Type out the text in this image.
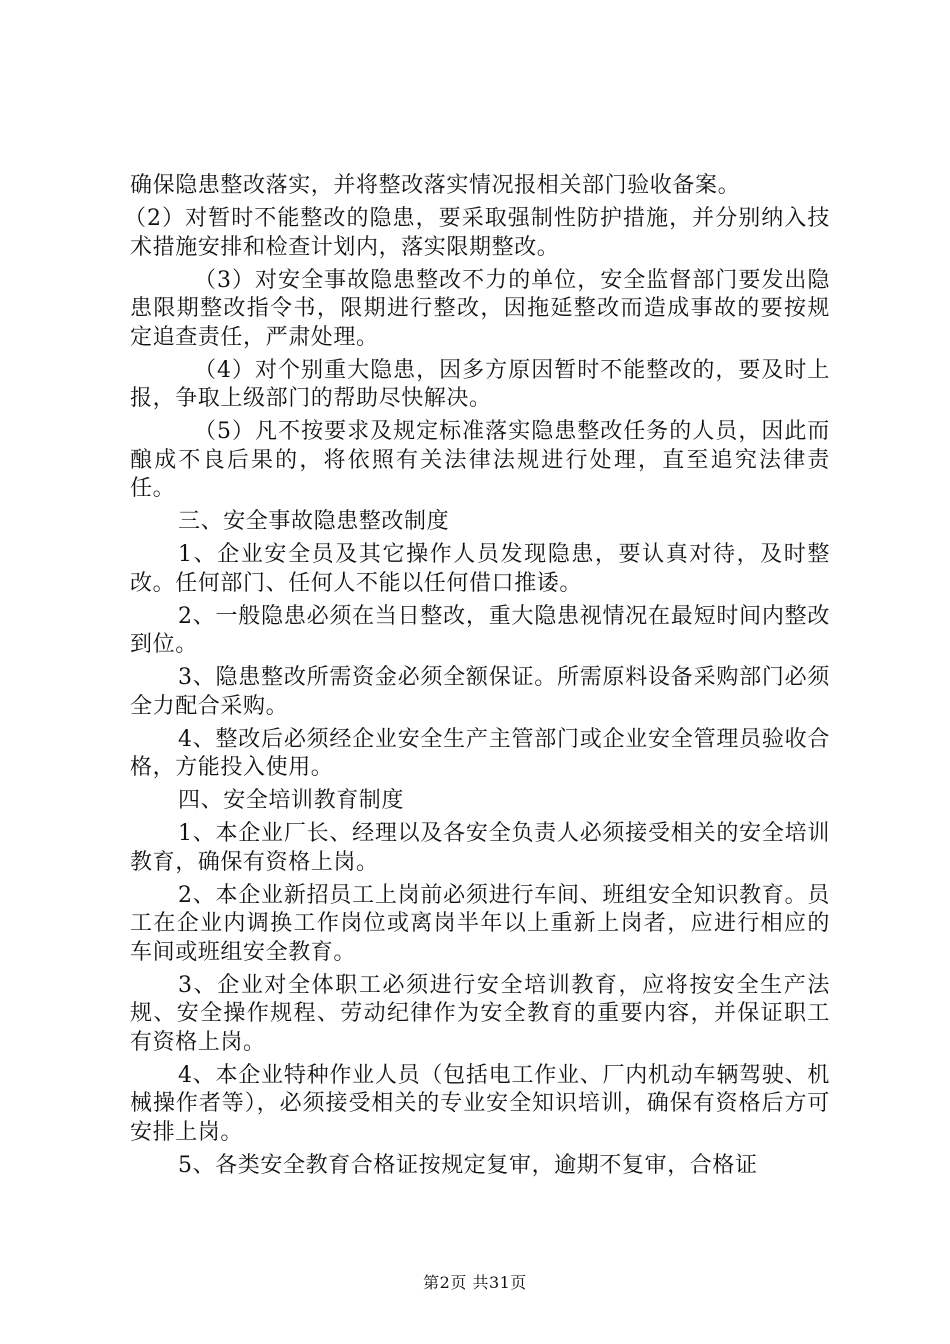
确保隐患整改落实，并将整改落实情况报相关部门验收备案。

（2）对暂时不能整改的隐患，要采取强制性防护措施，并分别纳入技术措施安排和检查计划内，落实限期整改。

（3）对安全事故隐患整改不力的单位，安全监督部门要发出隐患限期整改指令书，限期进行整改，因拖延整改而造成事故的要按规定追查责任，严肃处理。

（4）对个别重大隐患，因多方原因暂时不能整改的，要及时上报，争取上级部门的帮助尽快解决。

（5）凡不按要求及规定标准落实隐患整改任务的人员，因此而酿成不良后果的，将依照有关法律法规进行处理，直至追究法律责任。

三、安全事故隐患整改制度

1、企业安全员及其它操作人员发现隐患，要认真对待，及时整改。任何部门、任何人不能以任何借口推诿。

2、一般隐患必须在当日整改，重大隐患视情况在最短时间内整改到位。

3、隐患整改所需资金必须全额保证。所需原料设备采购部门必须全力配合采购。

4、整改后必须经企业安全生产主管部门或企业安全管理员验收合格，方能投入使用。

四、安全培训教育制度

1、本企业厂长、经理以及各安全负责人必须接受相关的安全培训教育，确保有资格上岗。

2、本企业新招员工上岗前必须进行车间、班组安全知识教育。员工在企业内调换工作岗位或离岗半年以上重新上岗者，应进行相应的车间或班组安全教育。

3、企业对全体职工必须进行安全培训教育，应将按安全生产法规、安全操作规程、劳动纪律作为安全教育的重要内容，并保证职工有资格上岗。

4、本企业特种作业人员（包括电工作业、厂内机动车辆驾驶、机械操作者等），必须接受相关的专业安全知识培训，确保有资格后方可安排上岗。

5、各类安全教育合格证按规定复审，逾期不复审，合格证

第2页 共31页
